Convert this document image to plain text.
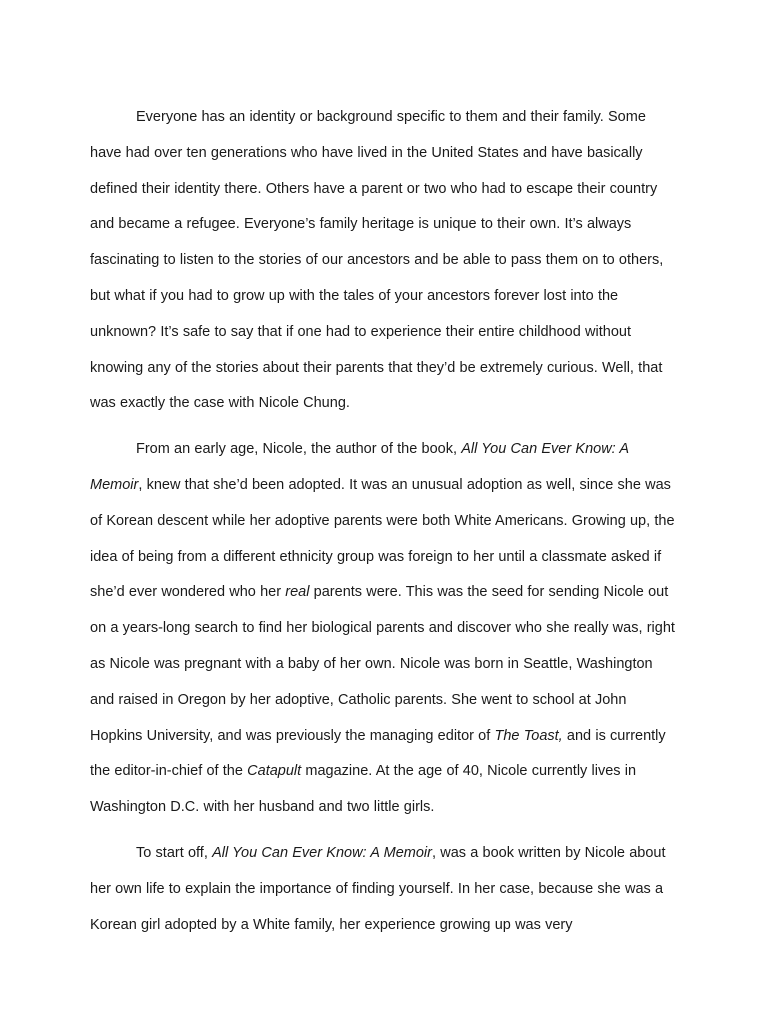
Everyone has an identity or background specific to them and their family. Some have had over ten generations who have lived in the United States and have basically defined their identity there. Others have a parent or two who had to escape their country and became a refugee. Everyone’s family heritage is unique to their own. It’s always fascinating to listen to the stories of our ancestors and be able to pass them on to others, but what if you had to grow up with the tales of your ancestors forever lost into the unknown? It’s safe to say that if one had to experience their entire childhood without knowing any of the stories about their parents that they’d be extremely curious. Well, that was exactly the case with Nicole Chung.

From an early age, Nicole, the author of the book, All You Can Ever Know: A Memoir, knew that she’d been adopted. It was an unusual adoption as well, since she was of Korean descent while her adoptive parents were both White Americans. Growing up, the idea of being from a different ethnicity group was foreign to her until a classmate asked if she’d ever wondered who her real parents were. This was the seed for sending Nicole out on a years-long search to find her biological parents and discover who she really was, right as Nicole was pregnant with a baby of her own. Nicole was born in Seattle, Washington and raised in Oregon by her adoptive, Catholic parents. She went to school at John Hopkins University, and was previously the managing editor of The Toast, and is currently the editor-in-chief of the Catapult magazine. At the age of 40, Nicole currently lives in Washington D.C. with her husband and two little girls.

To start off, All You Can Ever Know: A Memoir, was a book written by Nicole about her own life to explain the importance of finding yourself. In her case, because she was a Korean girl adopted by a White family, her experience growing up was very
